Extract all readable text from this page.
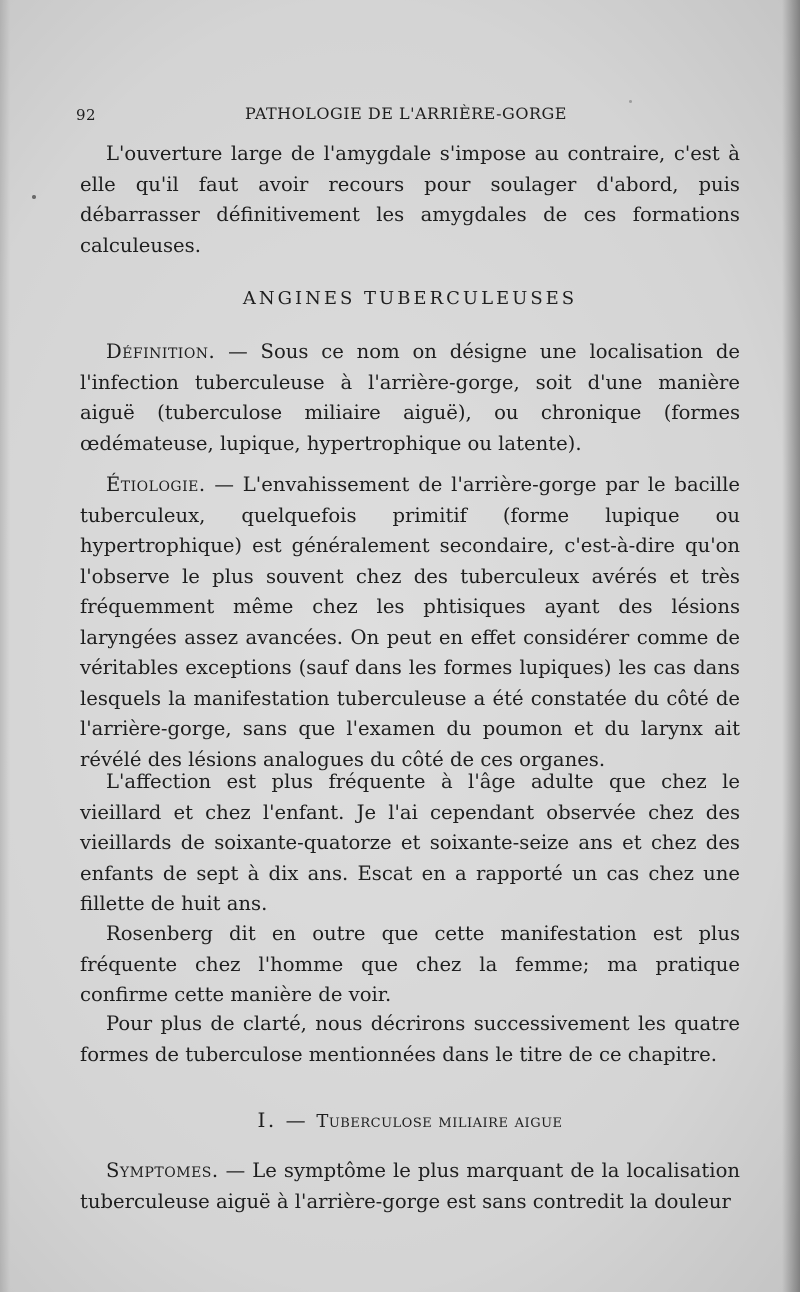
92	PATHOLOGIE DE L'ARRIÈRE-GORGE

L'ouverture large de l'amygdale s'impose au contraire, c'est à elle qu'il faut avoir recours pour soulager d'abord, puis débarrasser définitivement les amygdales de ces formations calculeuses.

ANGINES TUBERCULEUSES

Définition. — Sous ce nom on désigne une localisation de l'infection tuberculeuse à l'arrière-gorge, soit d'une manière aiguë (tuberculose miliaire aiguë), ou chronique (formes œdémateuse, lupique, hypertrophique ou latente).

Étiologie. — L'envahissement de l'arrière-gorge par le bacille tuberculeux, quelquefois primitif (forme lupique ou hypertrophique) est généralement secondaire, c'est-à-dire qu'on l'observe le plus souvent chez des tuberculeux avérés et très fréquemment même chez les phtisiques ayant des lésions laryngées assez avancées. On peut en effet considérer comme de véritables exceptions (sauf dans les formes lupiques) les cas dans lesquels la manifestation tuberculeuse a été constatée du côté de l'arrière-gorge, sans que l'examen du poumon et du larynx ait révélé des lésions analogues du côté de ces organes.

L'affection est plus fréquente à l'âge adulte que chez le vieillard et chez l'enfant. Je l'ai cependant observée chez des vieillards de soixante-quatorze et soixante-seize ans et chez des enfants de sept à dix ans. Escat en a rapporté un cas chez une fillette de huit ans.

Rosenberg dit en outre que cette manifestation est plus fréquente chez l'homme que chez la femme; ma pratique confirme cette manière de voir.

Pour plus de clarté, nous décrirons successivement les quatre formes de tuberculose mentionnées dans le titre de ce chapitre.

I. — Tuberculose miliaire aigue

Symptomes. — Le symptôme le plus marquant de la localisation tuberculeuse aiguë à l'arrière-gorge est sans contredit la douleur
